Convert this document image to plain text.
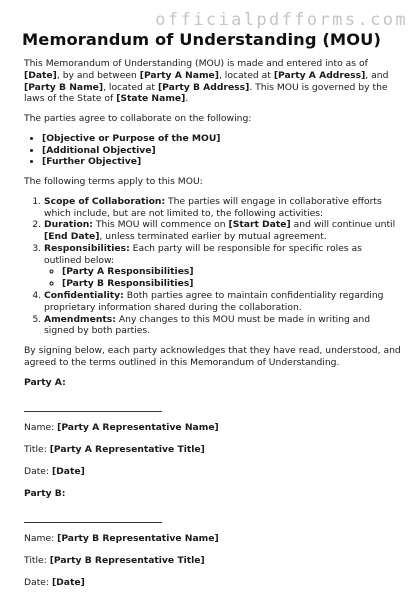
officialpdfforms.com
Memorandum of Understanding (MOU)

This Memorandum of Understanding (MOU) is made and entered into as of [Date], by and between [Party A Name], located at [Party A Address], and [Party B Name], located at [Party B Address]. This MOU is governed by the laws of the State of [State Name].

The parties agree to collaborate on the following:

• [Objective or Purpose of the MOU]
• [Additional Objective]
• [Further Objective]

The following terms apply to this MOU:

1. Scope of Collaboration: The parties will engage in collaborative efforts which include, but are not limited to, the following activities:
2. Duration: This MOU will commence on [Start Date] and will continue until [End Date], unless terminated earlier by mutual agreement.
3. Responsibilities: Each party will be responsible for specific roles as outlined below:
◦ [Party A Responsibilities]
◦ [Party B Responsibilities]
4. Confidentiality: Both parties agree to maintain confidentiality regarding proprietary information shared during the collaboration.
5. Amendments: Any changes to this MOU must be made in writing and signed by both parties.

By signing below, each party acknowledges that they have read, understood, and agreed to the terms outlined in this Memorandum of Understanding.

Party A:
Name: [Party A Representative Name]
Title: [Party A Representative Title]
Date: [Date]
Party B:
Name: [Party B Representative Name]
Title: [Party B Representative Title]
Date: [Date]
